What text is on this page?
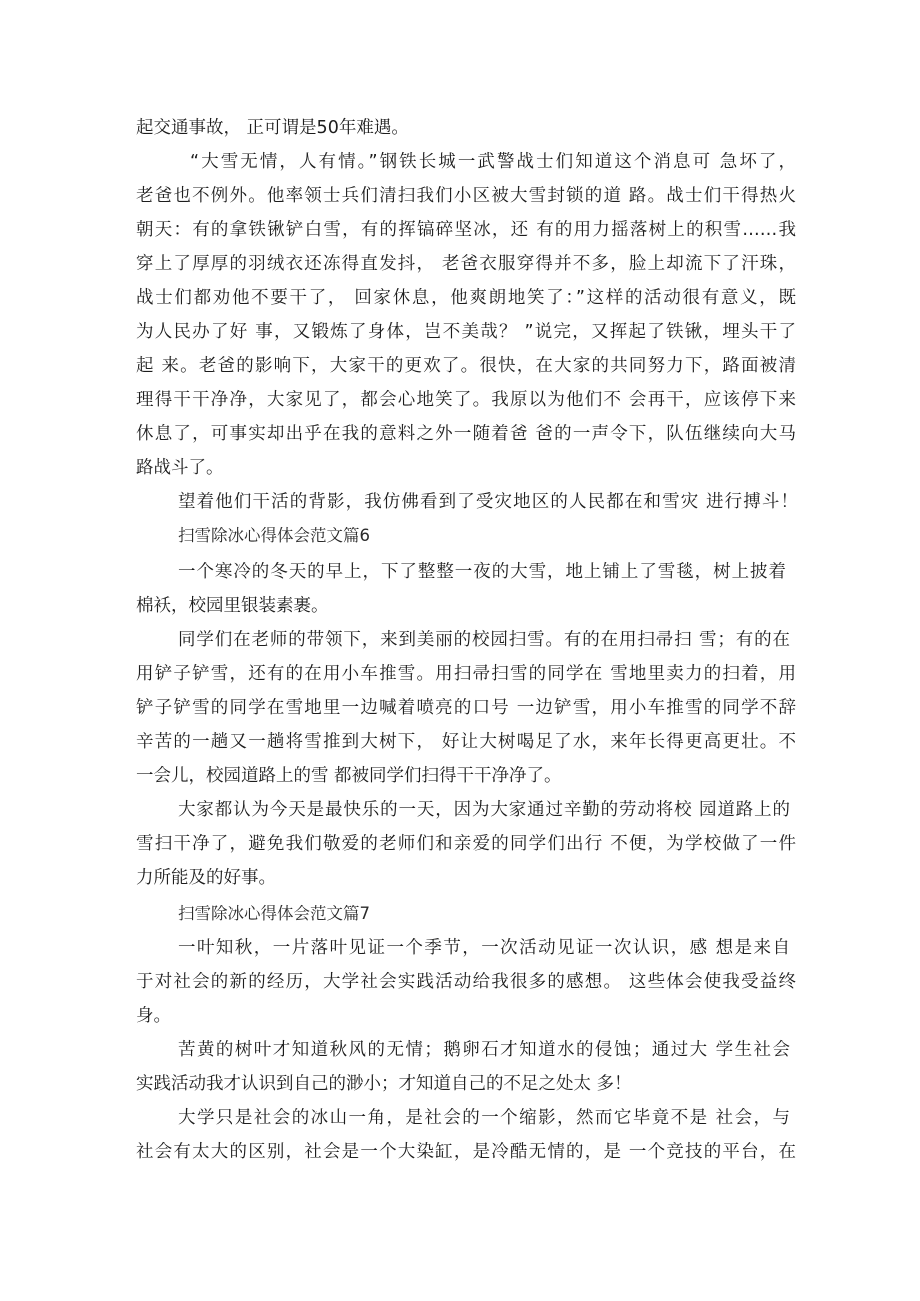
起交通事故， 正可谓是50年难遇。
“大雪无情，人有情。”钢铁长城一武警战士们知道这个消息可 急坏了，
老爸也不例外。他率领士兵们清扫我们小区被大雪封锁的道 路。战士们干得热火
朝天：有的拿铁锹铲白雪，有的挥镐碎坚冰，还 有的用力摇落树上的积雪……我
穿上了厚厚的羽绒衣还冻得直发抖， 老爸衣服穿得并不多，脸上却流下了汗珠，
战士们都劝他不要干了， 回家休息，他爽朗地笑了：”这样的活动很有意义，既
为人民办了好 事，又锻炼了身体，岂不美哉？ ”说完，又挥起了铁锹，埋头干了
起 来。老爸的影响下，大家干的更欢了。很快，在大家的共同努力下，路面被清
理得干干净净，大家见了，都会心地笑了。我原以为他们不 会再干，应该停下来
休息了，可事实却出乎在我的意料之外一随着爸 爸的一声令下，队伍继续向大马
路战斗了。
望着他们干活的背影，我仿佛看到了受灾地区的人民都在和雪灾 进行搏斗！
扫雪除冰心得体会范文篇6
一个寒冷的冬天的早上，下了整整一夜的大雪，地上铺上了雪毯，树上披着
棉袄，校园里银装素裹。
同学们在老师的带领下，来到美丽的校园扫雪。有的在用扫帚扫 雪；有的在
用铲子铲雪，还有的在用小车推雪。用扫帚扫雪的同学在 雪地里卖力的扫着，用
铲子铲雪的同学在雪地里一边喊着喷亮的口号 一边铲雪，用小车推雪的同学不辞
辛苦的一趟又一趟将雪推到大树下， 好让大树喝足了水，来年长得更高更壮。不
一会儿，校园道路上的雪 都被同学们扫得干干净净了。
大家都认为今天是最快乐的一天，因为大家通过辛勤的劳动将校 园道路上的
雪扫干净了，避免我们敬爱的老师们和亲爱的同学们出行 不便，为学校做了一件
力所能及的好事。
扫雪除冰心得体会范文篇7
一叶知秋，一片落叶见证一个季节，一次活动见证一次认识，感 想是来自
于对社会的新的经历，大学社会实践活动给我很多的感想。 这些体会使我受益终
身。
苦黄的树叶才知道秋风的无情；鹅卵石才知道水的侵蚀；通过大 学生社会
实践活动我才认识到自己的渺小；才知道自己的不足之处太 多！
大学只是社会的冰山一角，是社会的一个缩影，然而它毕竟不是 社会，与
社会有太大的区别，社会是一个大染缸，是冷酷无情的，是 一个竞技的平台，在
